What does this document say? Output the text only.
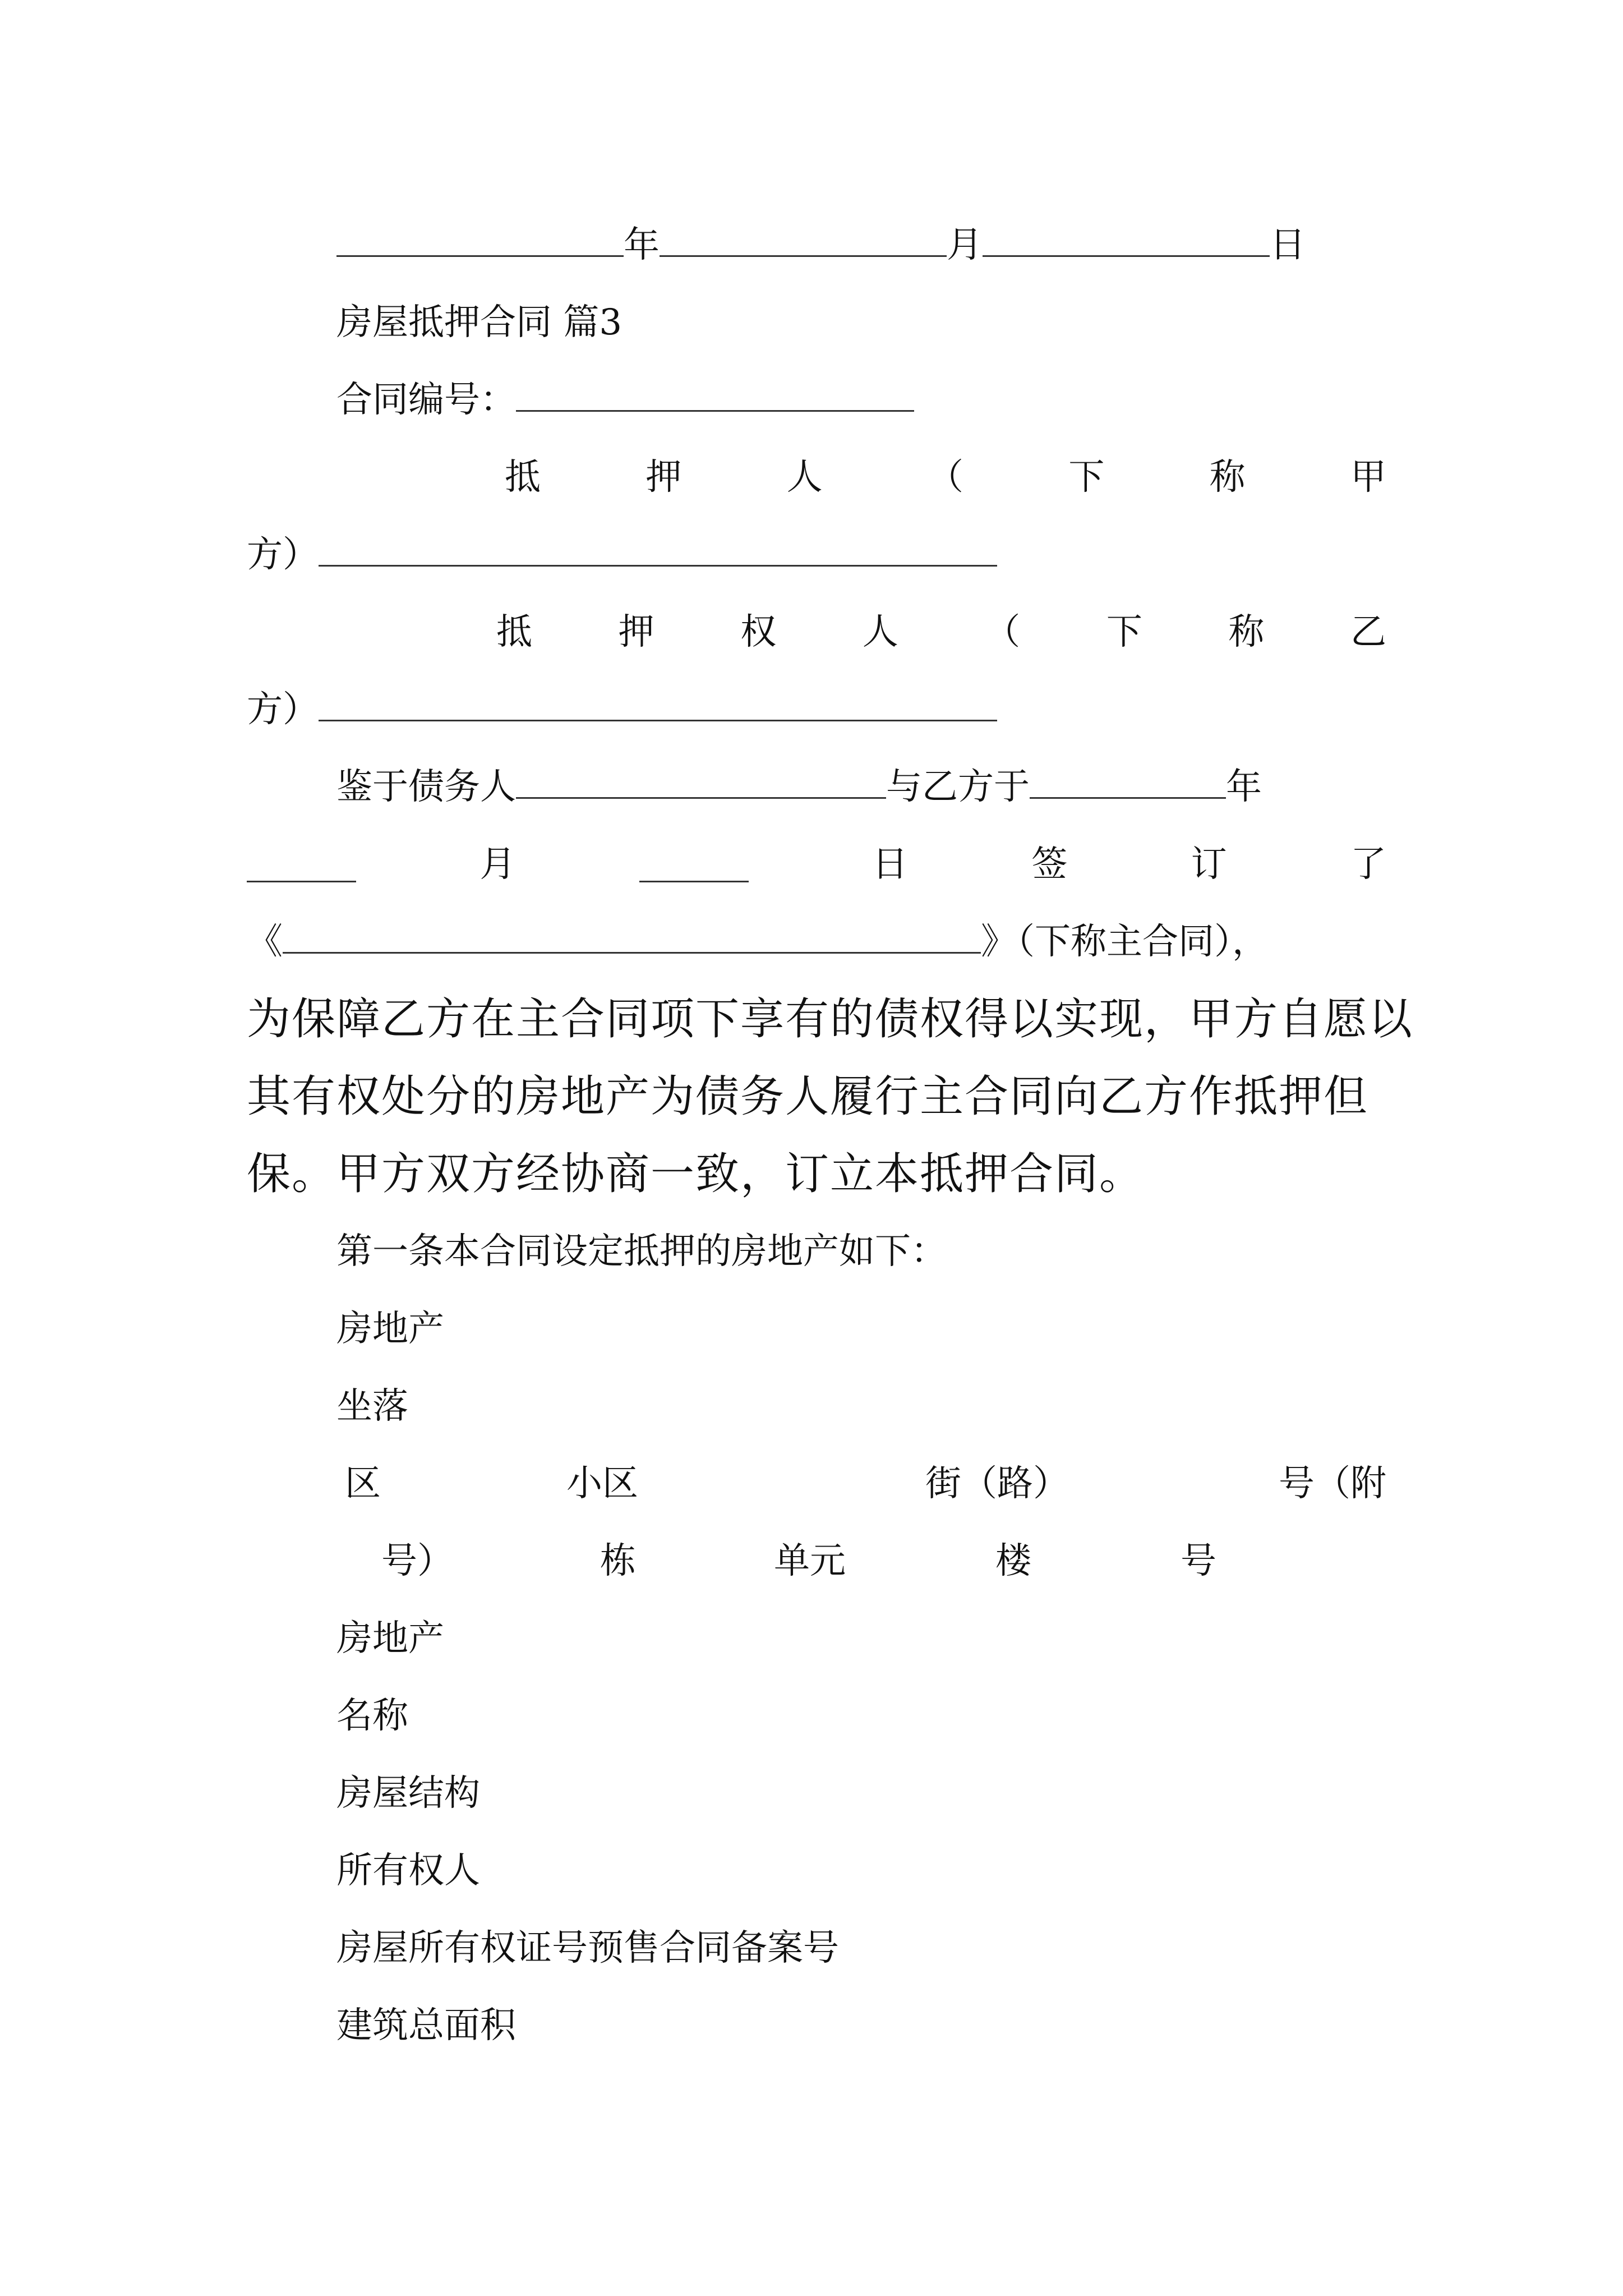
年	月	日
房屋抵押合同 篇3
合同编号：
抵	押	人	（	下	称	甲
方）
抵 押 权 人 （ 下 称 乙
方）
鉴于债务人	与乙方于	年
月	日	签	订	了
《	》（下称主合同），
为保障乙方在主合同项下享有的债权得以实现，甲方自愿以
其有权处分的房地产为债务人履行主合同向乙方作抵押但
保。甲方双方经协商一致，订立本抵押合同。
第一条本合同设定抵押的房地产如下：
房地产
坐落
区	小区	街（路）	号（附
号）	栋	单元	楼	号
房地产
名称
房屋结构
所有权人
房屋所有权证号预售合同备案号
建筑总面积
